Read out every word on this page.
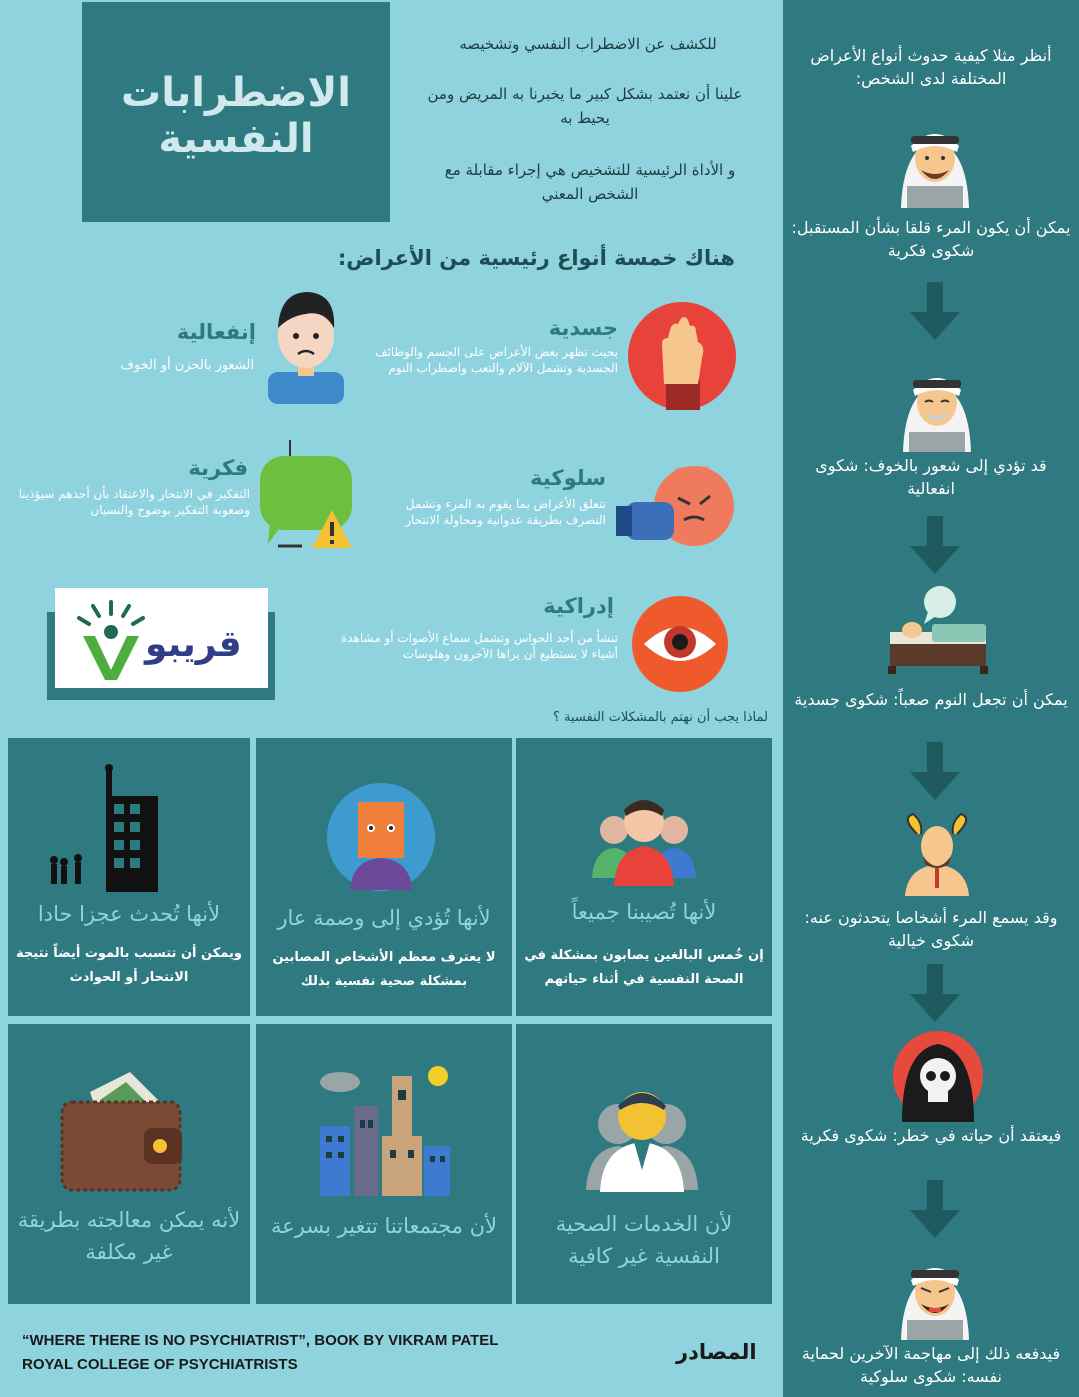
أنظر مثلا كيفية حدوث أنواع الأعراض المختلفة لدى الشخص:
يمكن أن يكون المرء قلقا بشأن المستقبل: شكوى فكرية
قد تؤدي إلى شعور بالخوف: شكوى انفعالية
يمكن أن تجعل النوم صعباً: شكوى جسدية
وقد يسمع المرء أشخاصا يتحدثون عنه: شكوى خيالية
فيعتقد أن حياته في خطر: شكوى فكرية
فيدفعه ذلك إلى مهاجمة الآخرين لحماية نفسه: شكوى سلوكية
الاضطرابات النفسية
للكشف عن الاضطراب النفسي وتشخيصه
علينا أن نعتمد بشكل كبير ما يخبرنا به المريض ومن يحيط به
و الأداة الرئيسية للتشخيص هي إجراء مقابلة مع الشخص المعني
هناك خمسة أنواع رئيسية من الأعراض:
جسدية
بحيث تظهر بعض الأعراض على الجسم والوظائف الجسدية وتشمل الآلام والتعب واضطراب النوم
إنفعالية
الشعور بالحزن أو الخوف
سلوكية
تتعلق الأعراض بما يقوم به المرء وتشمل التصرف بطريقة عدوانية ومحاولة الانتحار
فكرية
التفكير في الانتحار والاعتقاد بأن أحدهم سيؤذينا وصعوبة التفكير بوضوح والنسيان
إدراكية
تنشأ من أحد الحواس وتشمل سماع الأصوات أو مشاهدة أشياء لا يستطيع أن يراها الآخرون وهلوسات
قريبو
لماذا يجب أن نهتم بالمشكلات النفسية ؟
لأنها تُصيبنا جميعاً
إن خُمس البالغين يصابون بمشكلة في الصحة النفسية في أثناء حياتهم
لأنها تُؤدي إلى وصمة عار
لا يعترف معظم الأشخاص المصابين بمشكلة صحية نفسية بذلك
لأنها تُحدث عجزا حادا
ويمكن أن تتسبب بالموت أيضاً نتيجة الانتحار أو الحوادث
لأن الخدمات الصحية النفسية غير كافية
لأن مجتمعاتنا تتغير بسرعة
لأنه يمكن معالجته بطريقة غير مكلفة
المصادر
“WHERE THERE IS NO PSYCHIATRIST”, BOOK BY VIKRAM PATEL
ROYAL COLLEGE OF PSYCHIATRISTS
